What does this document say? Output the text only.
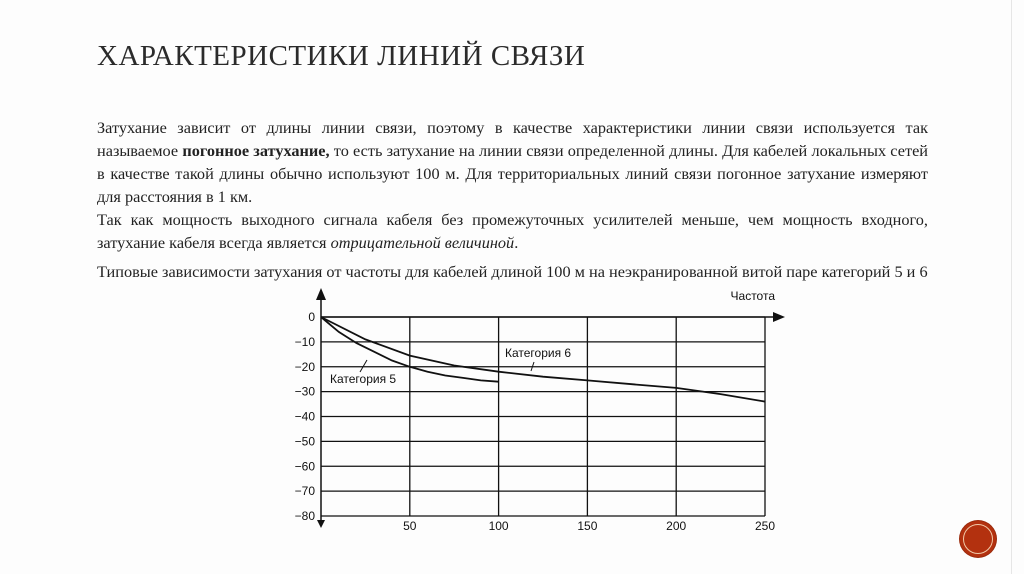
ХАРАКТЕРИСТИКИ ЛИНИЙ СВЯЗИ
Затухание зависит от длины линии связи, поэтому в качестве характеристики линии связи используется так называемое погонное затухание, то есть затухание на линии связи определенной длины. Для кабелей локальных сетей в качестве такой длины обычно используют 100 м. Для территориальных линий связи погонное затухание измеряют для расстояния в 1 км.
Так как мощность выходного сигнала кабеля без промежуточных усилителей меньше, чем мощность входного, затухание кабеля всегда является отрицательной величиной.
Типовые зависимости затухания от частоты для кабелей длиной 100 м на неэкранированной витой паре категорий 5 и 6
0
−10
−20
−30
−40
−50
−60
−70
−80
50	100	150	200	250
Частота
Категория 5
Категория 6
